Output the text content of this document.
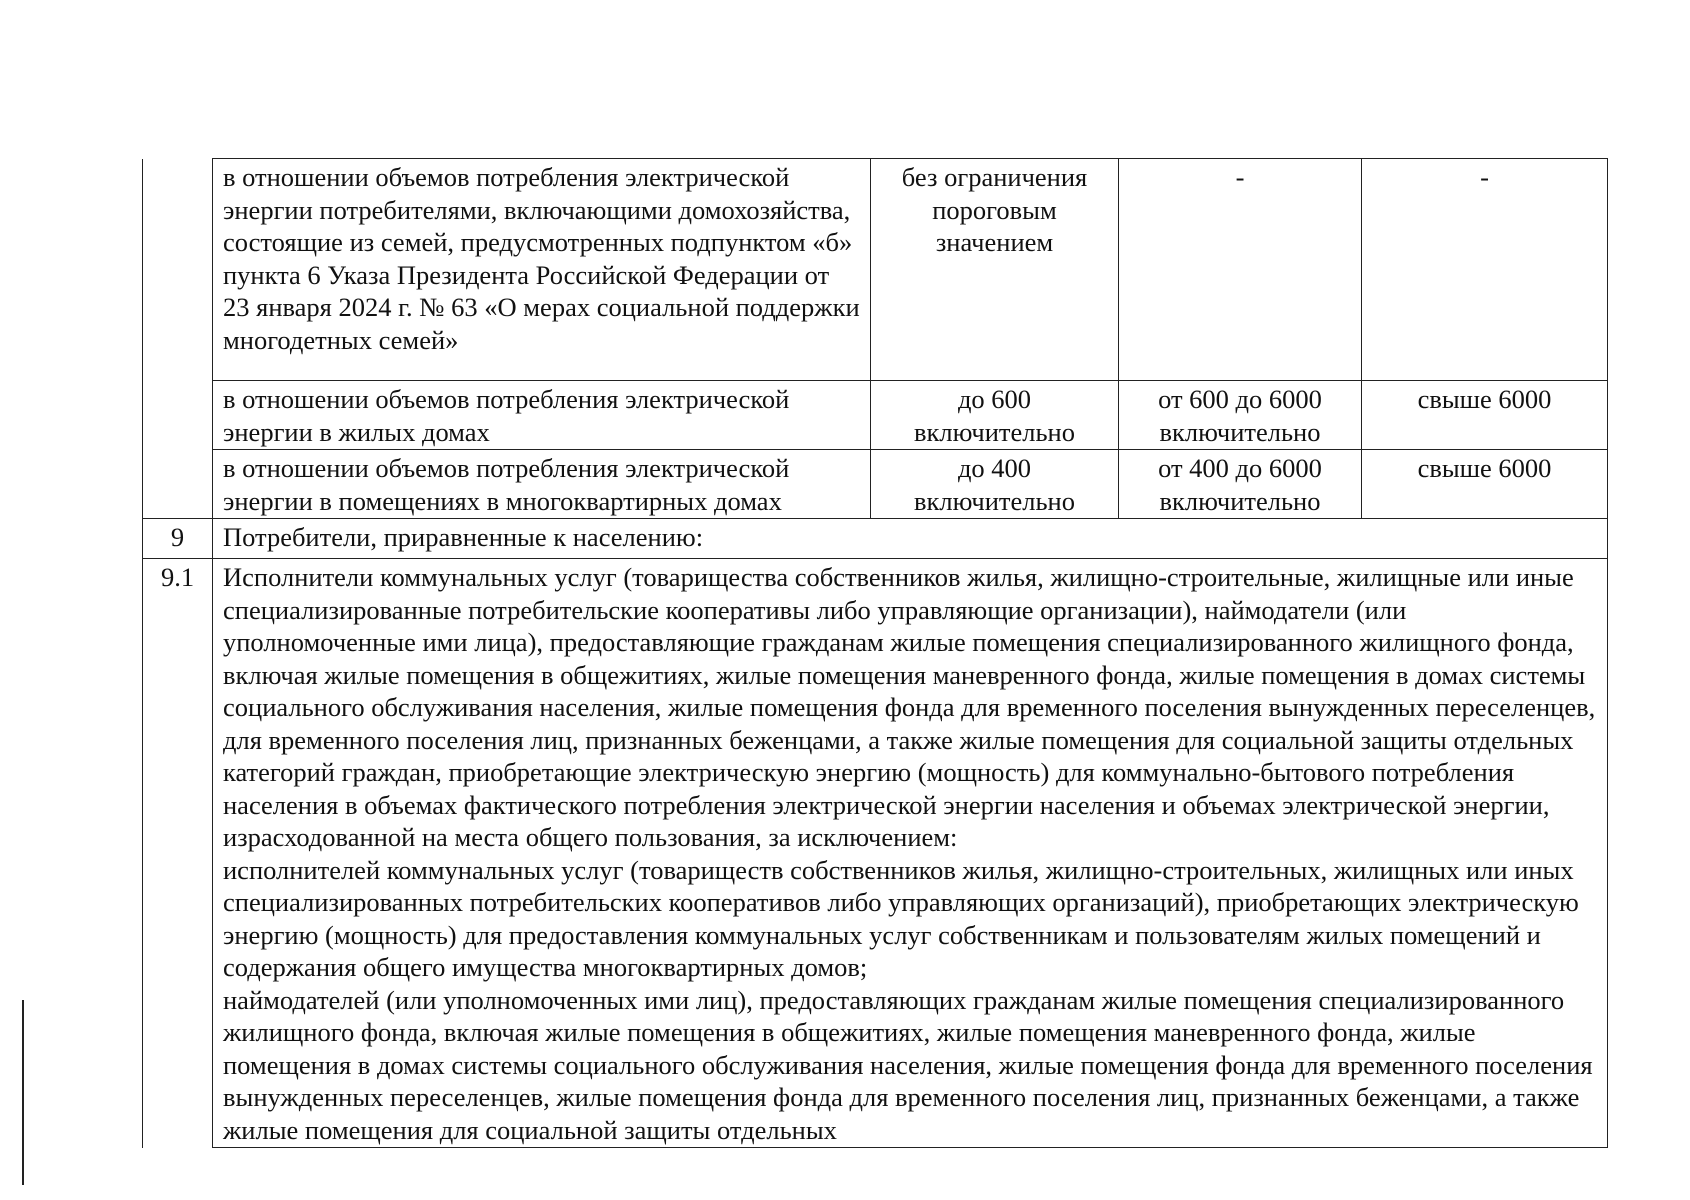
	в отношении объемов потребления электрической энергии потребителями, включающими домохозяйства, состоящие из семей, предусмотренных подпунктом «б» пункта 6 Указа Президента Российской Федерации от 23 января 2024 г. № 63 «О мерах социальной поддержки многодетных семей»	без ограничения пороговым значением	-	-
	в отношении объемов потребления электрической энергии в жилых домах	до 600 включительно	от 600 до 6000 включительно	свыше 6000
	в отношении объемов потребления электрической энергии в помещениях в многоквартирных домах	до 400 включительно	от 400 до 6000 включительно	свыше 6000
9	Потребители, приравненные к населению:			
9.1	Исполнители коммунальных услуг (товарищества собственников жилья, жилищно-строительные, жилищные или иные специализированные потребительские кооперативы либо управляющие организации), наймодатели (или уполномоченные ими лица), предоставляющие гражданам жилые помещения специализированного жилищного фонда, включая жилые помещения в общежитиях, жилые помещения маневренного фонда, жилые помещения в домах системы социального обслуживания населения, жилые помещения фонда для временного поселения вынужденных переселенцев, для временного поселения лиц, признанных беженцами, а также жилые помещения для социальной защиты отдельных категорий граждан, приобретающие электрическую энергию (мощность) для коммунально-бытового потребления населения в объемах фактического потребления электрической энергии населения и объемах электрической энергии, израсходованной на места общего пользования, за исключением:

исполнителей коммунальных услуг (товариществ собственников жилья, жилищно-строительных, жилищных или иных специализированных потребительских кооперативов либо управляющих организаций), приобретающих электрическую энергию (мощность) для предоставления коммунальных услуг собственникам и пользователям жилых помещений и содержания общего имущества многоквартирных домов;

наймодателей (или уполномоченных ими лиц), предоставляющих гражданам жилые помещения специализированного жилищного фонда, включая жилые помещения в общежитиях, жилые помещения маневренного фонда, жилые помещения в домах системы социального обслуживания населения, жилые помещения фонда для временного поселения вынужденных переселенцев, жилые помещения фонда для временного поселения лиц, признанных беженцами, а также жилые помещения для социальной защиты отдельных			
